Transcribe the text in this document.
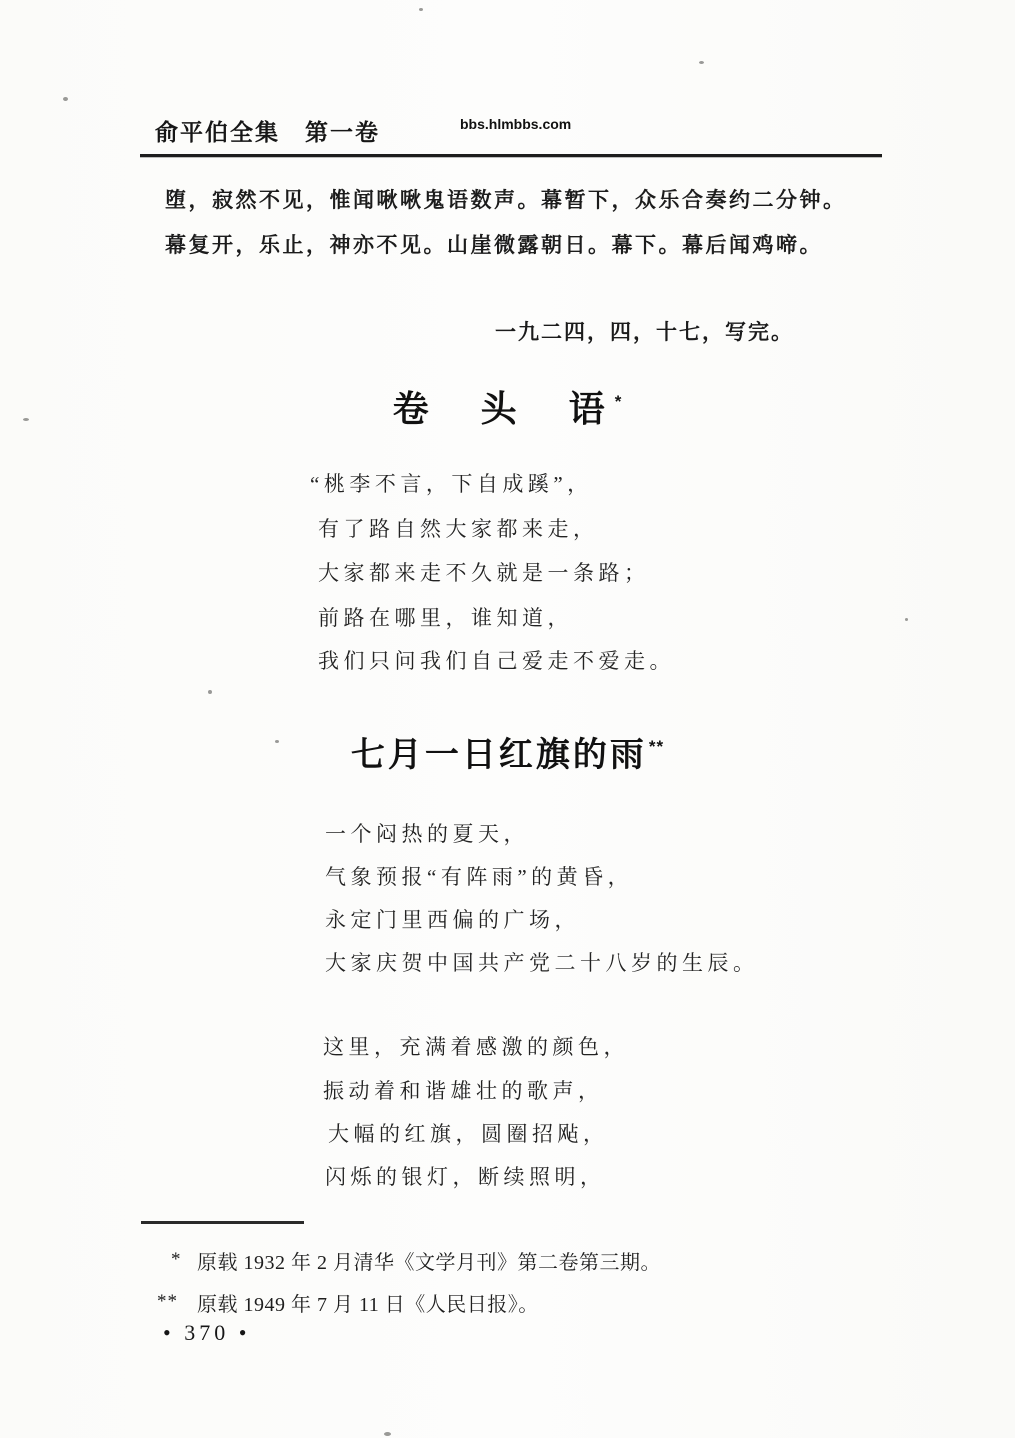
俞平伯全集　第一卷	bbs.hlmbbs.com
堕，寂然不见，惟闻啾啾鬼语数声。幕暂下，众乐合奏约二分钟。
幕复开，乐止，神亦不见。山崖微露朝日。幕下。幕后闻鸡啼。
一九二四，四，十七，写完。
卷　头　语 *
“桃李不言，下自成蹊”，
有了路自然大家都来走，
大家都来走不久就是一条路；
前路在哪里，谁知道，
我们只问我们自己爱走不爱走。
七月一日红旗的雨 **
一个闷热的夏天，
气象预报“有阵雨”的黄昏，
永定门里西偏的广场，
大家庆贺中国共产党二十八岁的生辰。
这里，充满着感激的颜色，
振动着和谐雄壮的歌声，
大幅的红旗，圆圈招飐，
闪烁的银灯，断续照明，
* 原载 1932 年 2 月清华《文学月刊》第二卷第三期。
** 原载 1949 年 7 月 11 日《人民日报》。
• 370 •
